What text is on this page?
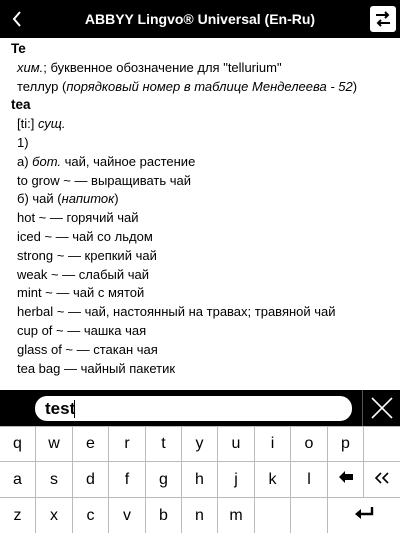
ABBYY Lingvo® Universal (En-Ru)
Te
хим.; буквенное обозначение для "tellurium"
теллур (порядковый номер в таблице Менделеева - 52)
tea
[ti:] сущ.
1)
а) бот. чай, чайное растение
to grow ~ — выращивать чай
б) чай (напиток)
hot ~ — горячий чай
iced ~ — чай со льдом
strong ~ — крепкий чай
weak ~ — слабый чай
mint ~ — чай с мятой
herbal ~ — чай, настоянный на травах; травяной чай
cup of ~ — чашка чая
glass of ~ — стакан чая
tea bag — чайный пакетик
test
q	w	e	r	t	y	u	i	o	p
a	s	d	f	g	h	j	k	l
z	x	c	v	b	n	m
